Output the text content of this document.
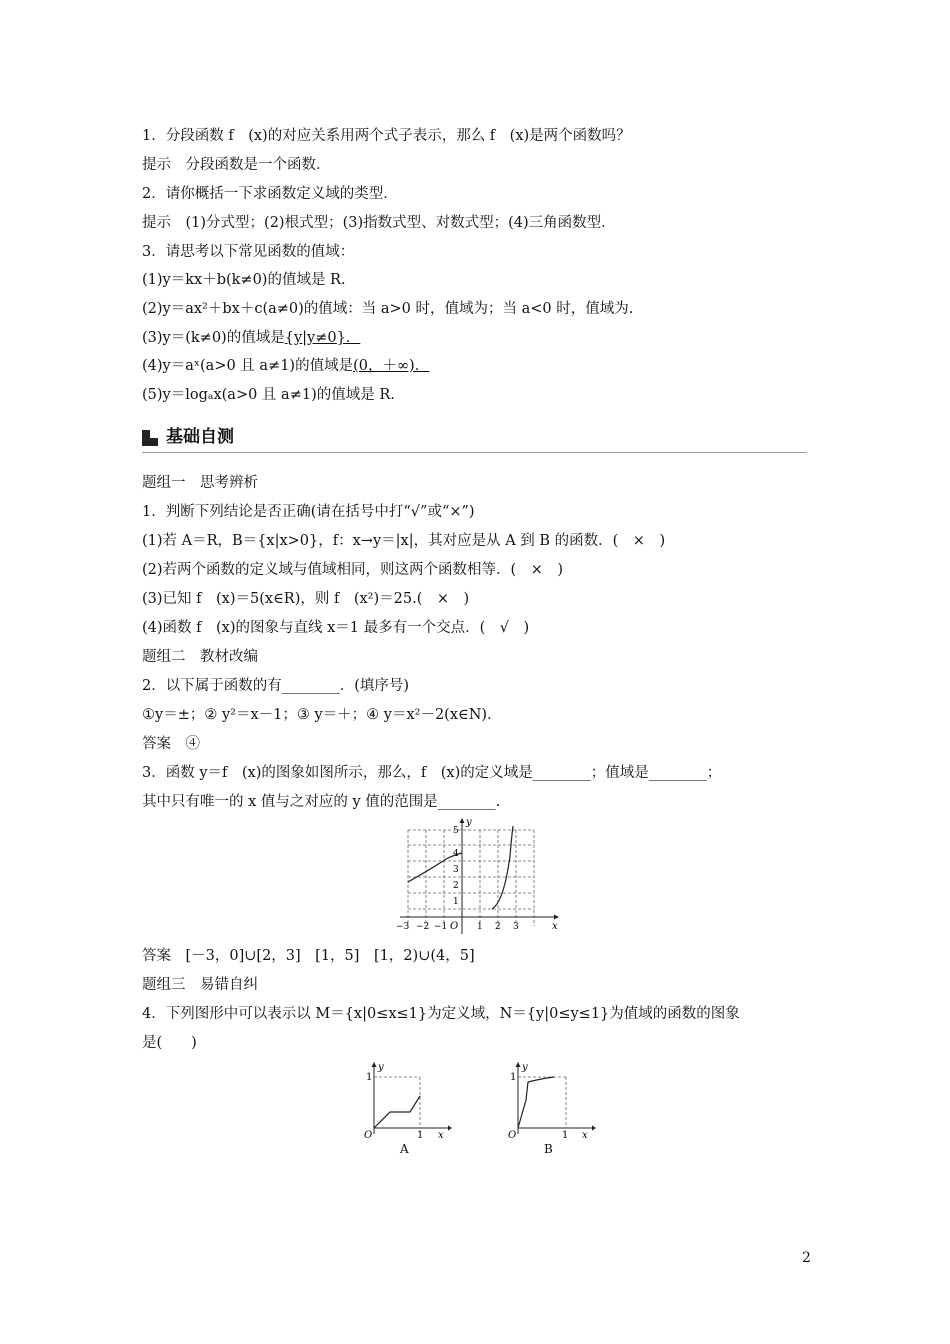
1．分段函数 f　(x)的对应关系用两个式子表示，那么 f　(x)是两个函数吗？
提示　分段函数是一个函数．
2．请你概括一下求函数定义域的类型．
提示　(1)分式型；(2)根式型；(3)指数式型、对数式型；(4)三角函数型．
3．请思考以下常见函数的值域：
(1)y＝kx＋b(k≠0)的值域是 R.
(2)y＝ax²＋bx＋c(a≠0)的值域：当 a>0 时，值域为；当 a<0 时，值域为.
(3)y＝(k≠0)的值域是{y|y≠0}．
(4)y＝aˣ(a>0 且 a≠1)的值域是(0，＋∞)．
(5)y＝logₐx(a>0 且 a≠1)的值域是 R.
基础自测
题组一　思考辨析
1．判断下列结论是否正确(请在括号中打“√”或“×”)
(1)若 A＝R，B＝{x|x>0}，f：x→y＝|x|，其对应是从 A 到 B 的函数．(　×　)
(2)若两个函数的定义域与值域相同，则这两个函数相等．(　×　)
(3)已知 f　(x)＝5(x∈R)，则 f　(x²)＝25.(　×　)
(4)函数 f　(x)的图象与直线 x＝1 最多有一个交点．(　√　)
题组二　教材改编
2．以下属于函数的有________．(填序号)
①y＝±；② y²＝x－1；③ y＝＋；④ y＝x²－2(x∈N)．
答案　④
3．函数 y＝f　(x)的图象如图所示，那么，f　(x)的定义域是________；值域是________；
其中只有唯一的 x 值与之对应的 y 值的范围是________.
y
x
O
−3 −2 −1	1 2 3
1
2
3
4
5
答案　[－3，0]∪[2，3]　[1，5]　[1，2)∪(4，5]
题组三　易错自纠
4．下列图形中可以表示以 M＝{x|0≤x≤1}为定义域，N＝{y|0≤y≤1}为值域的函数的图象
是(　　)
y
x
O	1
1
A
y
x
O	1
1
B
2
